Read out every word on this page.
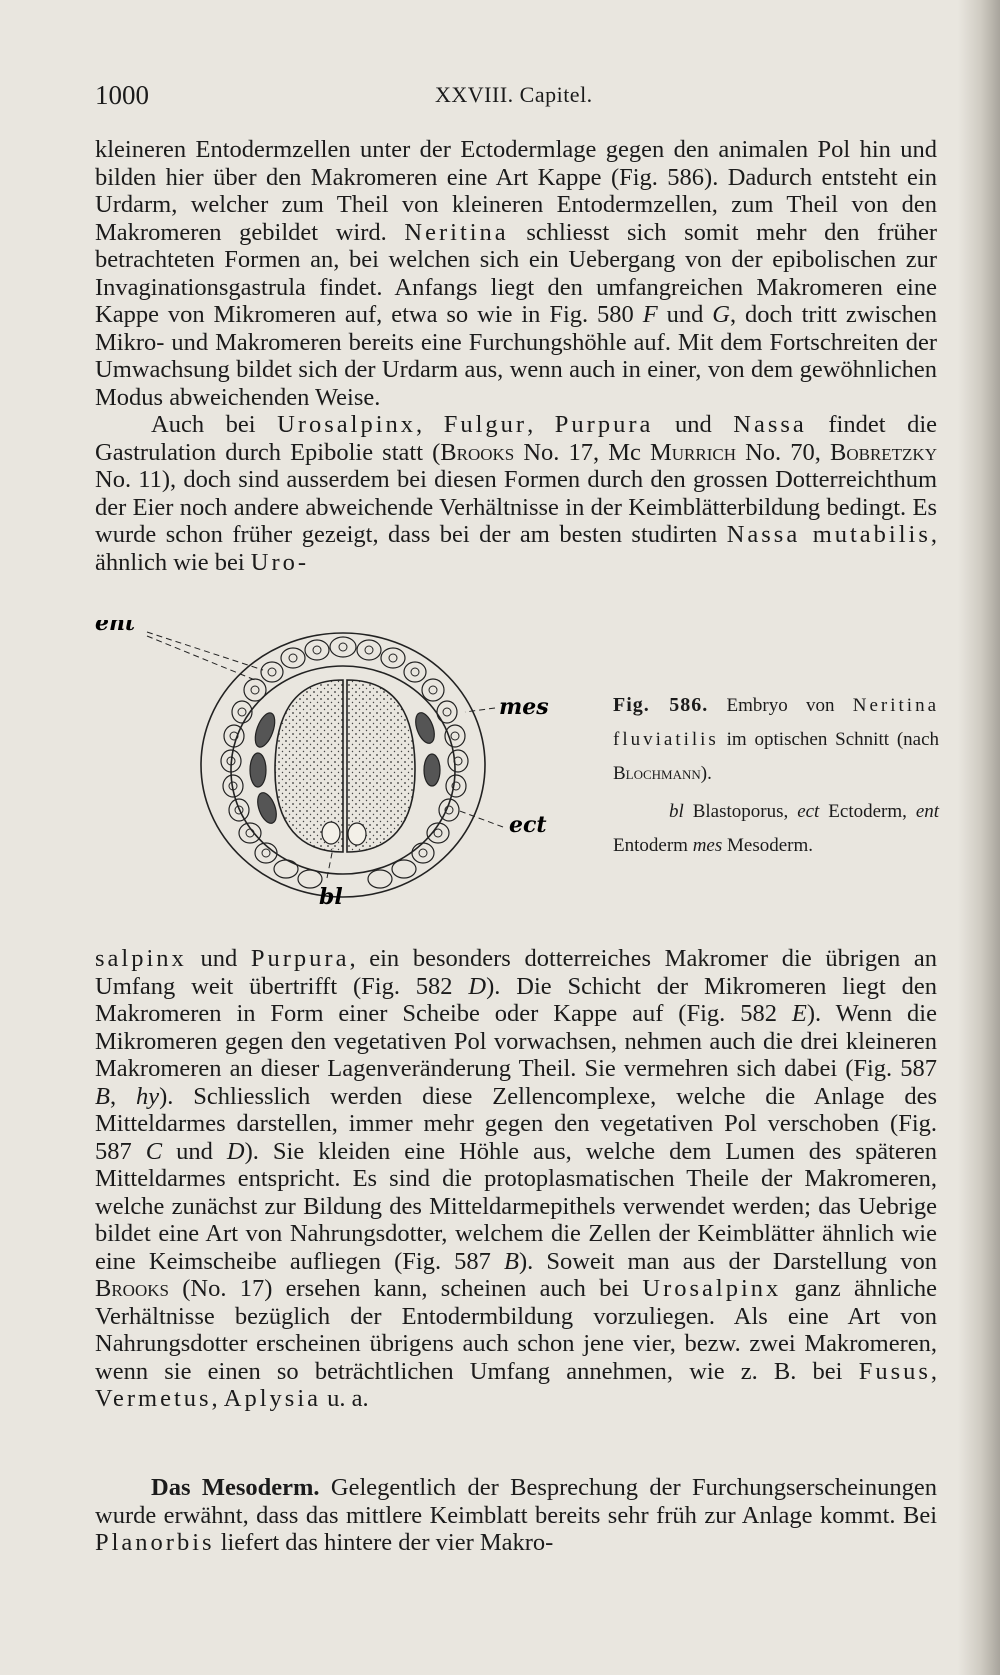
1000	XXVIII. Capitel.

kleineren Entodermzellen unter der Ectodermlage gegen den animalen Pol hin und bilden hier über den Makromeren eine Art Kappe (Fig. 586). Dadurch entsteht ein Urdarm, welcher zum Theil von kleineren Entodermzellen, zum Theil von den Makromeren gebildet wird. Neritina schliesst sich somit mehr den früher betrachteten Formen an, bei welchen sich ein Uebergang von der epibolischen zur Invaginationsgastrula findet. Anfangs liegt den umfangreichen Makromeren eine Kappe von Mikromeren auf, etwa so wie in Fig. 580 F und G, doch tritt zwischen Mikro- und Makromeren bereits eine Furchungshöhle auf. Mit dem Fortschreiten der Umwachsung bildet sich der Urdarm aus, wenn auch in einer, von dem gewöhnlichen Modus abweichenden Weise.

Auch bei Urosalpinx, Fulgur, Purpura und Nassa findet die Gastrulation durch Epibolie statt (Brooks No. 17, Mc Murrich No. 70, Bobretzky No. 11), doch sind ausserdem bei diesen Formen durch den grossen Dotterreichthum der Eier noch andere abweichende Verhältnisse in der Keimblätterbildung bedingt. Es wurde schon früher gezeigt, dass bei der am besten studirten Nassa mutabilis, ähnlich wie bei Uro-

ent
mes
ect
bl

Fig. 586. Embryo von Neritina fluviatilis im optischen Schnitt (nach Blochmann).

bl Blastoporus, ect Ectoderm, ent Entoderm mes Mesoderm.

salpinx und Purpura, ein besonders dotterreiches Makromer die übrigen an Umfang weit übertrifft (Fig. 582 D). Die Schicht der Mikromeren liegt den Makromeren in Form einer Scheibe oder Kappe auf (Fig. 582 E). Wenn die Mikromeren gegen den vegetativen Pol vorwachsen, nehmen auch die drei kleineren Makromeren an dieser Lagenveränderung Theil. Sie vermehren sich dabei (Fig. 587 B, hy). Schliesslich werden diese Zellencomplexe, welche die Anlage des Mitteldarmes darstellen, immer mehr gegen den vegetativen Pol verschoben (Fig. 587 C und D). Sie kleiden eine Höhle aus, welche dem Lumen des späteren Mitteldarmes entspricht. Es sind die protoplasmatischen Theile der Makromeren, welche zunächst zur Bildung des Mitteldarmepithels verwendet werden; das Uebrige bildet eine Art von Nahrungsdotter, welchem die Zellen der Keimblätter ähnlich wie eine Keimscheibe aufliegen (Fig. 587 B). Soweit man aus der Darstellung von Brooks (No. 17) ersehen kann, scheinen auch bei Urosalpinx ganz ähnliche Verhältnisse bezüglich der Entodermbildung vorzuliegen. Als eine Art von Nahrungsdotter erscheinen übrigens auch schon jene vier, bezw. zwei Makromeren, wenn sie einen so beträchtlichen Umfang annehmen, wie z. B. bei Fusus, Vermetus, Aplysia u. a.

Das Mesoderm. Gelegentlich der Besprechung der Furchungserscheinungen wurde erwähnt, dass das mittlere Keimblatt bereits sehr früh zur Anlage kommt. Bei Planorbis liefert das hintere der vier Makro-
